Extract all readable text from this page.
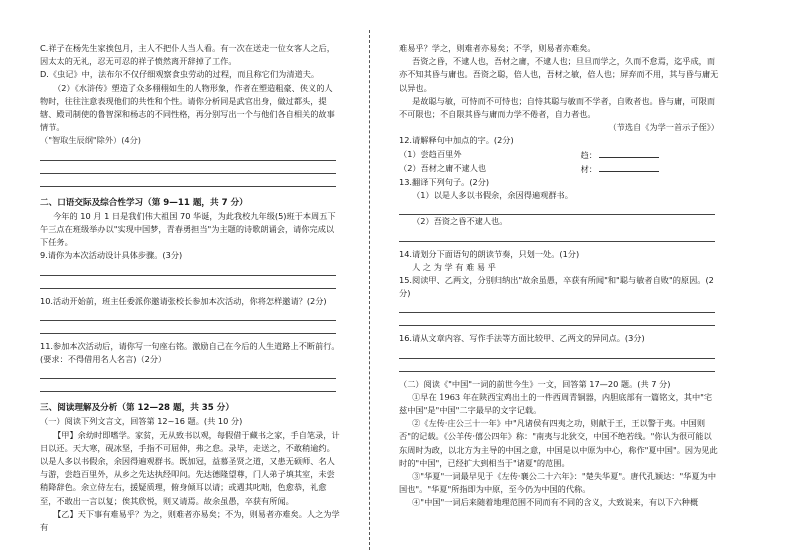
C.祥子在杨先生家挨包月，主人不把仆人当人看。有一次在送走一位女客人之后，因太太的无礼，忍无可忍的祥子愤然离开辞掉了工作。

D.《虫记》中，法布尔不仅仔细观察食虫劳动的过程，而且称它们为清道夫。

（2）《水浒传》塑造了众多栩栩如生的人物形象，作者在塑造粗豪、侠义的人物时，往往注意表现他们的共性和个性。请你分析同是武官出身，做过都头，提辖、殿司制使的鲁智深和杨志的不同性格，再分别写出一个与他们各自相关的故事情节。

（"智取生辰纲"除外）(4分)

二、口语交际及综合性学习（第 9—11 题，共 7 分）

今年的 10 月 1 日是我们伟大祖国 70 华诞，为此我校九年级(5)班于本周五下午三点在班级举办以"实现中国梦，青春勇担当"为主题的诗歌朗诵会，请你完成以下任务。

9.请你为本次活动设计具体步骤。(3分)

10.活动开始前，班主任委派你邀请张校长参加本次活动，你将怎样邀请？(2分)

11.参加本次活动后，请你写一句座右铭。激励自己在今后的人生道路上不断前行。(要求：不得借用名人名言)（2分）

三、阅读理解及分析（第 12—28 题，共 35 分）

（一）阅读下列文言文，回答第 12~16 题。(共 10 分)

【甲】余幼时即嗜学。家贫，无从致书以观，每假借于藏书之家，手自笔录，计日以还。天大寒，砚冰坚，手指不可屈伸，弗之怠。录毕，走送之，不敢稍逾约。以是人多以书假余，余因得遍观群书。既加冠，益慕圣贤之道，又患无硕师、名人与游，尝趋百里外，从乡之先达执经叩问。先达德隆望尊，门人弟子填其室，未尝稍降辞色。余立侍左右，援疑质理，俯身倾耳以请；或遇其叱咄，色愈恭，礼愈至，不敢出一言以复；俟其欣悦，则又请焉。故余虽愚，卒获有所闻。

【乙】天下事有难易乎？为之，则难者亦易矣；不为，则易者亦难矣。人之为学有

难易乎？学之，则难者亦易矣；不学，则易者亦难矣。

吾资之昏，不逮人也，吾材之庸，不逮人也；旦旦而学之，久而不怠焉，迄乎成，而亦不知其昏与庸也。吾资之聪，倍人也，吾材之敏，倍人也；屏弃而不用，其与昏与庸无以异也。

是故聪与敏，可恃而不可恃也；自恃其聪与敏而不学者，自败者也。昏与庸，可限而不可限也；不自限其昏与庸而力学不倦者，自力者也。

（节选自《为学一首示子侄》）

12.请解释句中加点的字。(2分)

（1）尝趋百里外	趋：
（2）吾材之庸不逮人也	材：

13.翻译下列句子。(2分)

（1）以是人多以书假余，余因得遍观群书。

（2）吾资之昏不逮人也。

14.请划分下面语句的朗读节奏，只划一处。(1分)

人 之 为 学 有 难 易 乎

15.阅读甲、乙两文，分别归纳出"故余虽愚，卒获有所闻"和"聪与敏者自败"的原因。(2分)

16.请从文章内容、写作手法等方面比较甲、乙两文的异同点。(3分)

（二）阅读《"中国"一词的前世今生》一文，回答第 17—20 题。(共 7 分)

①早在 1963 年在陕西宝鸡出土的一件西周青铜器，内胆底部有一篇铭文，其中"宅兹中国"是"中国"二字最早的文字记载。

②《左传·庄公三十一年》中"凡诸侯有四夷之功，则献于王，王以警于夷。中国则否"的记载。《公羊传·僖公四年》称："南夷与北狄交，中国不绝若线。"你认为很可能以东周时为政，以北方为主导的中国之意，中国是以中原为中心，称作"夏中国"。因为见此时的"中国"，已经扩大到相当于"诸夏"的范围。

③"华夏"一词最早见于《左传·襄公二十六年》："楚失华夏"。唐代孔颖达："华夏为中国也"。"华夏"所指即为中原，至今仍为中国的代称。

④"中国"一词后来随着地理范围不同而有不同的含义，大致说来，有以下六种概
